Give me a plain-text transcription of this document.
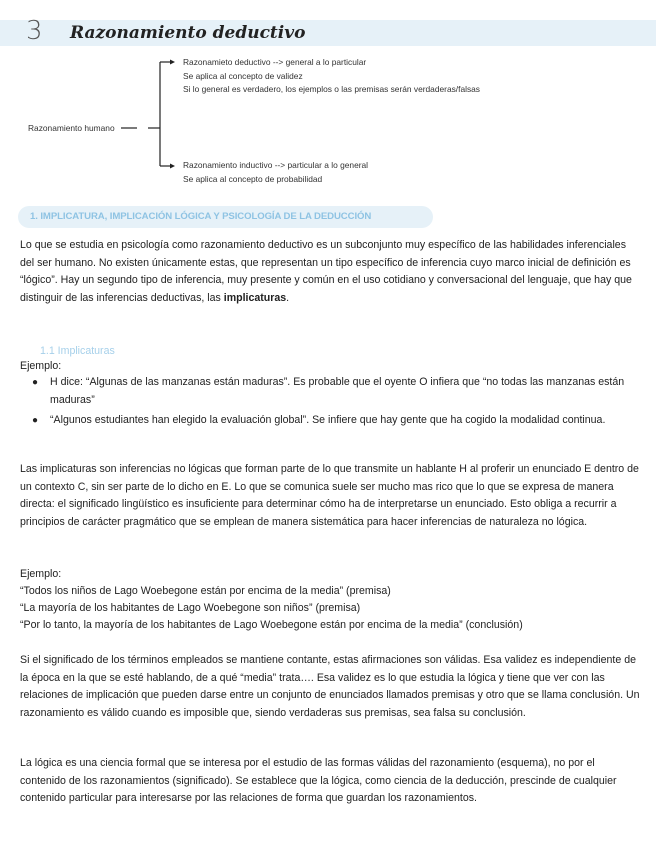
3 Razonamiento deductivo
Razonamiento humano
Razonamieto deductivo --> general a lo particular
Se aplica al concepto de validez
Si lo general es verdadero, los ejemplos o las premisas serán verdaderas/falsas
Razonamiento inductivo --> particular a lo general
Se aplica al concepto de probabilidad
1. IMPLICATURA, IMPLICACIÓN LÓGICA Y PSICOLOGÍA DE LA DEDUCCIÓN
Lo que se estudia en psicología como razonamiento deductivo es un subconjunto muy específico de las habilidades inferenciales del ser humano. No existen únicamente estas, que representan un tipo específico de inferencia cuyo marco inicial de definición es “lógico”. Hay un segundo tipo de inferencia, muy presente y común en el uso cotidiano y conversacional del lenguaje, que hay que distinguir de las inferencias deductivas, las implicaturas.
1.1 Implicaturas
Ejemplo:
● H dice: “Algunas de las manzanas están maduras”. Es probable que el oyente O infiera que “no todas las manzanas están maduras”
● “Algunos estudiantes han elegido la evaluación global”. Se infiere que hay gente que ha cogido la modalidad continua.
Las implicaturas son inferencias no lógicas que forman parte de lo que transmite un hablante H al proferir un enunciado E dentro de un contexto C, sin ser parte de lo dicho en E. Lo que se comunica suele ser mucho mas rico que lo que se expresa de manera directa: el significado lingüístico es insuficiente para determinar cómo ha de interpretarse un enunciado. Esto obliga a recurrir a principios de carácter pragmático que se emplean de manera sistemática para hacer inferencias de naturaleza no lógica.
Ejemplo:
“Todos los niños de Lago Woebegone están por encima de la media” (premisa)
“La mayoría de los habitantes de Lago Woebegone son niños” (premisa)
“Por lo tanto, la mayoría de los habitantes de Lago Woebegone están por encima de la media” (conclusión)
Si el significado de los términos empleados se mantiene contante, estas afirmaciones son válidas. Esa validez es independiente de la época en la que se esté hablando, de a qué “media” trata…. Esa validez es lo que estudia la lógica y tiene que ver con las relaciones de implicación que pueden darse entre un conjunto de enunciados llamados premisas y otro que se llama conclusión. Un razonamiento es válido cuando es imposible que, siendo verdaderas sus premisas, sea falsa su conclusión.
La lógica es una ciencia formal que se interesa por el estudio de las formas válidas del razonamiento (esquema), no por el contenido de los razonamientos (significado). Se establece que la lógica, como ciencia de la deducción, prescinde de cualquier contenido particular para interesarse por las relaciones de forma que guardan los razonamientos.
